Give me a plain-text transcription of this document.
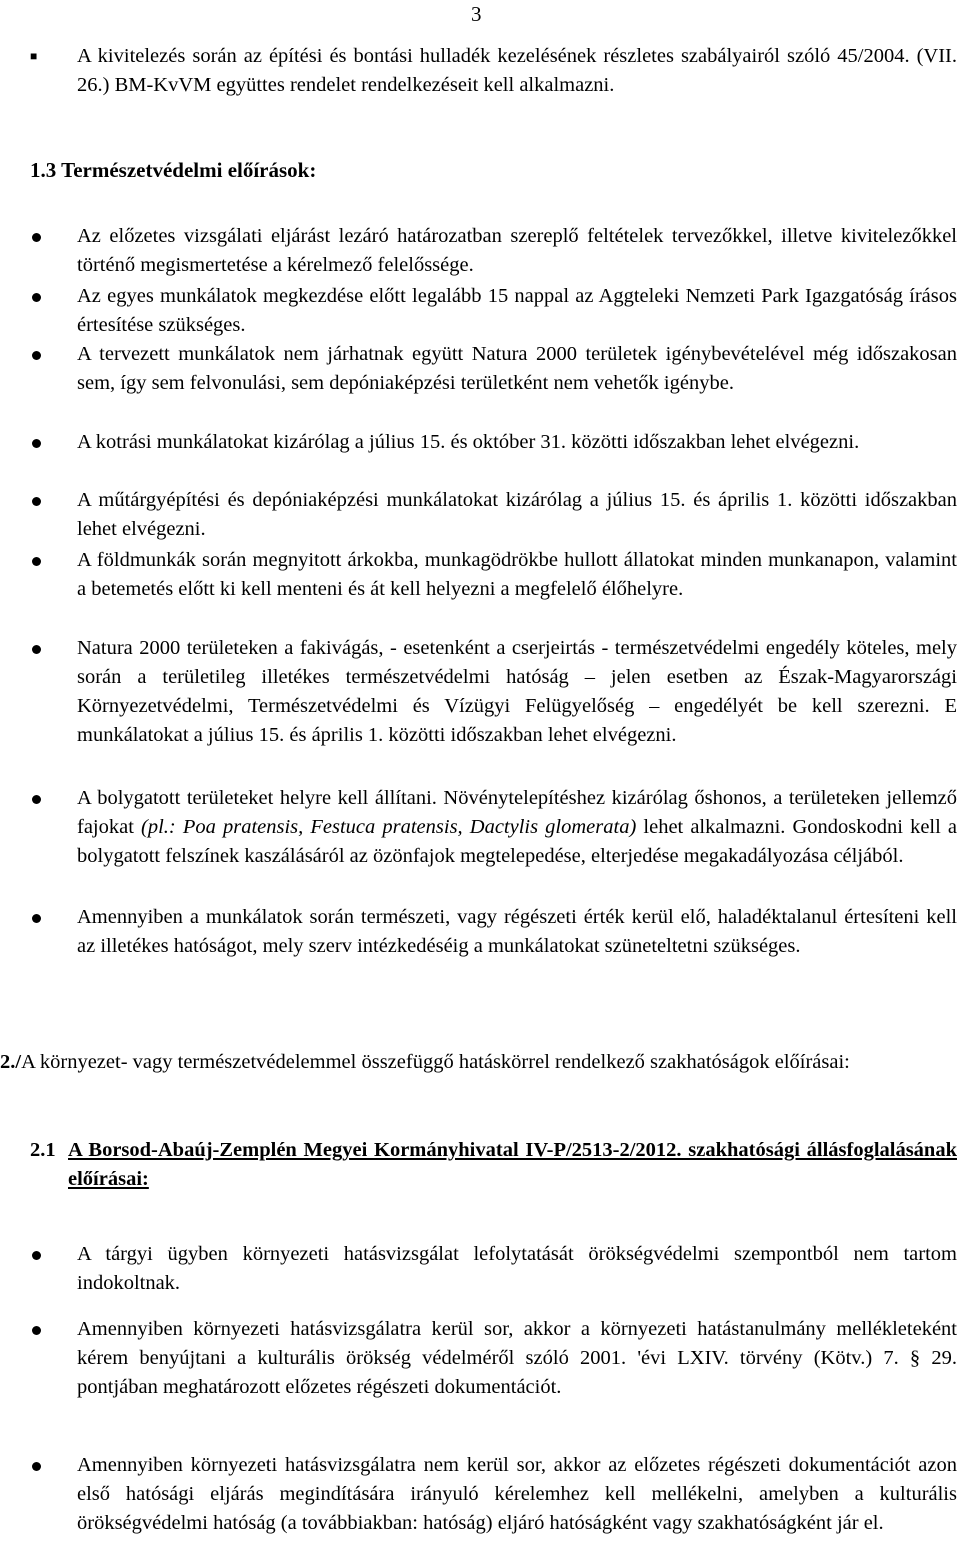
3
■ A kivitelezés során az építési és bontási hulladék kezelésének részletes szabályairól szóló 45/2004. (VII. 26.) BM-KvVM együttes rendelet rendelkezéseit kell alkalmazni.

1.3 Természetvédelmi előírások:

Az előzetes vizsgálati eljárást lezáró határozatban szereplő feltételek tervezőkkel, illetve kivitelezőkkel történő megismertetése a kérelmező felelőssége.

Az egyes munkálatok megkezdése előtt legalább 15 nappal az Aggteleki Nemzeti Park Igazgatóság írásos értesítése szükséges.

A tervezett munkálatok nem járhatnak együtt Natura 2000 területek igénybevételével még időszakosan sem, így sem felvonulási, sem depóniaképzési területként nem vehetők igénybe.

A kotrási munkálatokat kizárólag a július 15. és október 31. közötti időszakban lehet elvégezni.

A műtárgyépítési és depóniaképzési munkálatokat kizárólag a július 15. és április 1. közötti időszakban lehet elvégezni.

A földmunkák során megnyitott árkokba, munkagödrökbe hullott állatokat minden munkanapon, valamint a betemetés előtt ki kell menteni és át kell helyezni a megfelelő élőhelyre.

Natura 2000 területeken a fakivágás, - esetenként a cserjeirtás - természetvédelmi engedély köteles, mely során a területileg illetékes természetvédelmi hatóság – jelen esetben az Észak-Magyarországi Környezetvédelmi, Természetvédelmi és Vízügyi Felügyelőség – engedélyét be kell szerezni. E munkálatokat a július 15. és április 1. közötti időszakban lehet elvégezni.

A bolygatott területeket helyre kell állítani. Növénytelepítéshez kizárólag őshonos, a területeken jellemző fajokat (pl.: Poa pratensis, Festuca pratensis, Dactylis glomerata) lehet alkalmazni. Gondoskodni kell a bolygatott felszínek kaszálásáról az özönfajok megtelepedése, elterjedése megakadályozása céljából.

Amennyiben a munkálatok során természeti, vagy régészeti érték kerül elő, haladéktalanul értesíteni kell az illetékes hatóságot, mely szerv intézkedéséig a munkálatokat szüneteltetni szükséges.

2./A környezet- vagy természetvédelemmel összefüggő hatáskörrel rendelkező szakhatóságok előírásai:

2.1 A Borsod-Abaúj-Zemplén Megyei Kormányhivatal IV-P/2513-2/2012. szakhatósági állásfoglalásának előírásai:

A tárgyi ügyben környezeti hatásvizsgálat lefolytatását örökségvédelmi szempontból nem tartom indokoltnak.

Amennyiben környezeti hatásvizsgálatra kerül sor, akkor a környezeti hatástanulmány mellékleteként kérem benyújtani a kulturális örökség védelméről szóló 2001. 'évi LXIV. törvény (Kötv.) 7. § 29. pontjában meghatározott előzetes régészeti dokumentációt.

Amennyiben környezeti hatásvizsgálatra nem kerül sor, akkor az előzetes régészeti dokumentációt azon első hatósági eljárás megindítására irányuló kérelemhez kell mellékelni, amelyben a kulturális örökségvédelmi hatóság (a továbbiakban: hatóság) eljáró hatóságként vagy szakhatóságként jár el.
